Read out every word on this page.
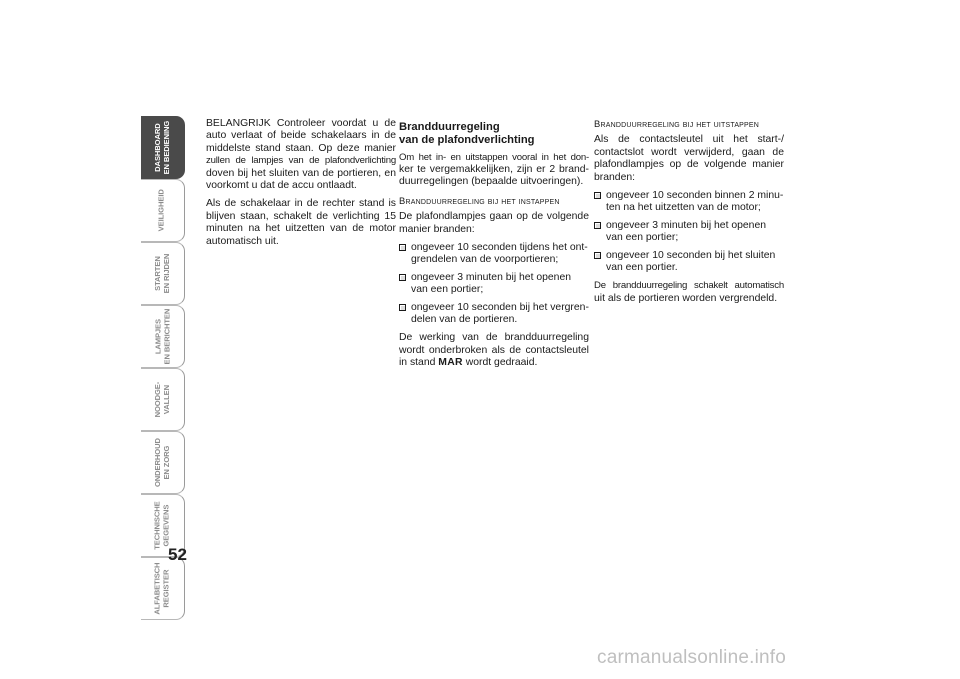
DASHBOARD
EN BEDIENING
VEILIGHEID
STARTEN
EN RIJDEN
LAMPJES
EN BERICHTEN
NOODGE-
VALLEN
ONDERHOUD
EN ZORG
TECHNISCHE
GEGEVENS
ALFABETISCH
REGISTER
52

BELANGRIJK Controleer voordat u de auto verlaat of beide schakelaars in de middelste stand staan. Op deze manier zullen de lampjes van de plafondverlichting doven bij het sluiten van de portieren, en voorkomt u dat de accu ontlaadt.

Als de schakelaar in de rechter stand is blijven staan, schakelt de verlichting 15 minuten na het uitzetten van de motor automatisch uit.

Brandduurregeling
van de plafondverlichting

Om het in- en uitstappen vooral in het don- ker te vergemakkelijken, zijn er 2 brand-duurregelingen (bepaalde uitvoeringen).

Brandduurregeling bij het instappen

De plafondlampjes gaan op de volgende manier branden:

ongeveer 10 seconden tijdens het ont-grendelen van de voorportieren;
ongeveer 3 minuten bij het openen van een portier;
ongeveer 10 seconden bij het vergren-delen van de portieren.

De werking van de brandduurregeling wordt onderbroken als de contactsleutel in stand MAR wordt gedraaid.

Brandduurregeling bij het uitstappen

Als de contactsleutel uit het start-/ contactslot wordt verwijderd, gaan de plafondlampjes op de volgende manier branden:

ongeveer 10 seconden binnen 2 minu-ten na het uitzetten van de motor;
ongeveer 3 minuten bij het openen van een portier;
ongeveer 10 seconden bij het sluiten van een portier.

De brandduurregeling schakelt automatisch uit als de portieren worden vergrendeld.

carmanualsonline.info
